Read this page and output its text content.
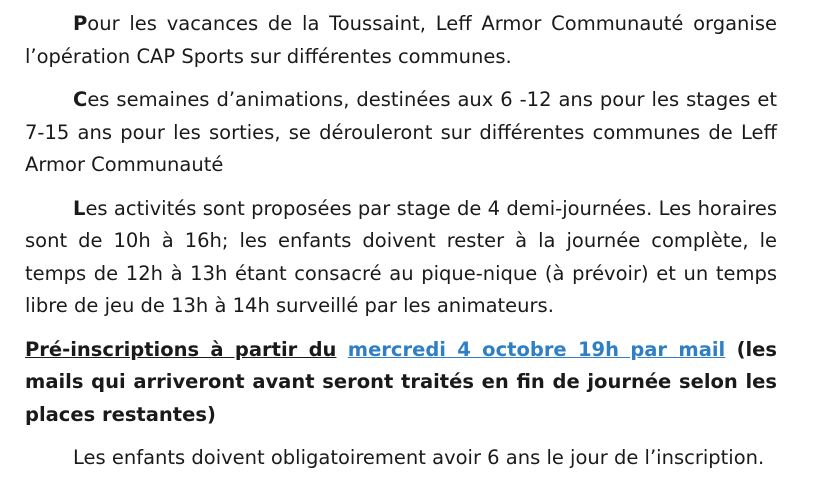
Pour les vacances de la Toussaint, Leff Armor Communauté organise l’opération CAP Sports sur différentes communes.

Ces semaines d’animations, destinées aux 6 -12 ans pour les stages et 7-15 ans pour les sorties, se dérouleront sur différentes communes de Leff Armor Communauté

Les activités sont proposées par stage de 4 demi-journées. Les horaires sont de 10h à 16h; les enfants doivent rester à la journée complète, le temps de 12h à 13h étant consacré au pique-nique (à prévoir) et un temps libre de jeu de 13h à 14h surveillé par les animateurs.

Pré-inscriptions à partir du mercredi 4 octobre 19h par mail (les mails qui arriveront avant seront traités en fin de journée selon les places restantes)

Les enfants doivent obligatoirement avoir 6 ans le jour de l’inscription.
